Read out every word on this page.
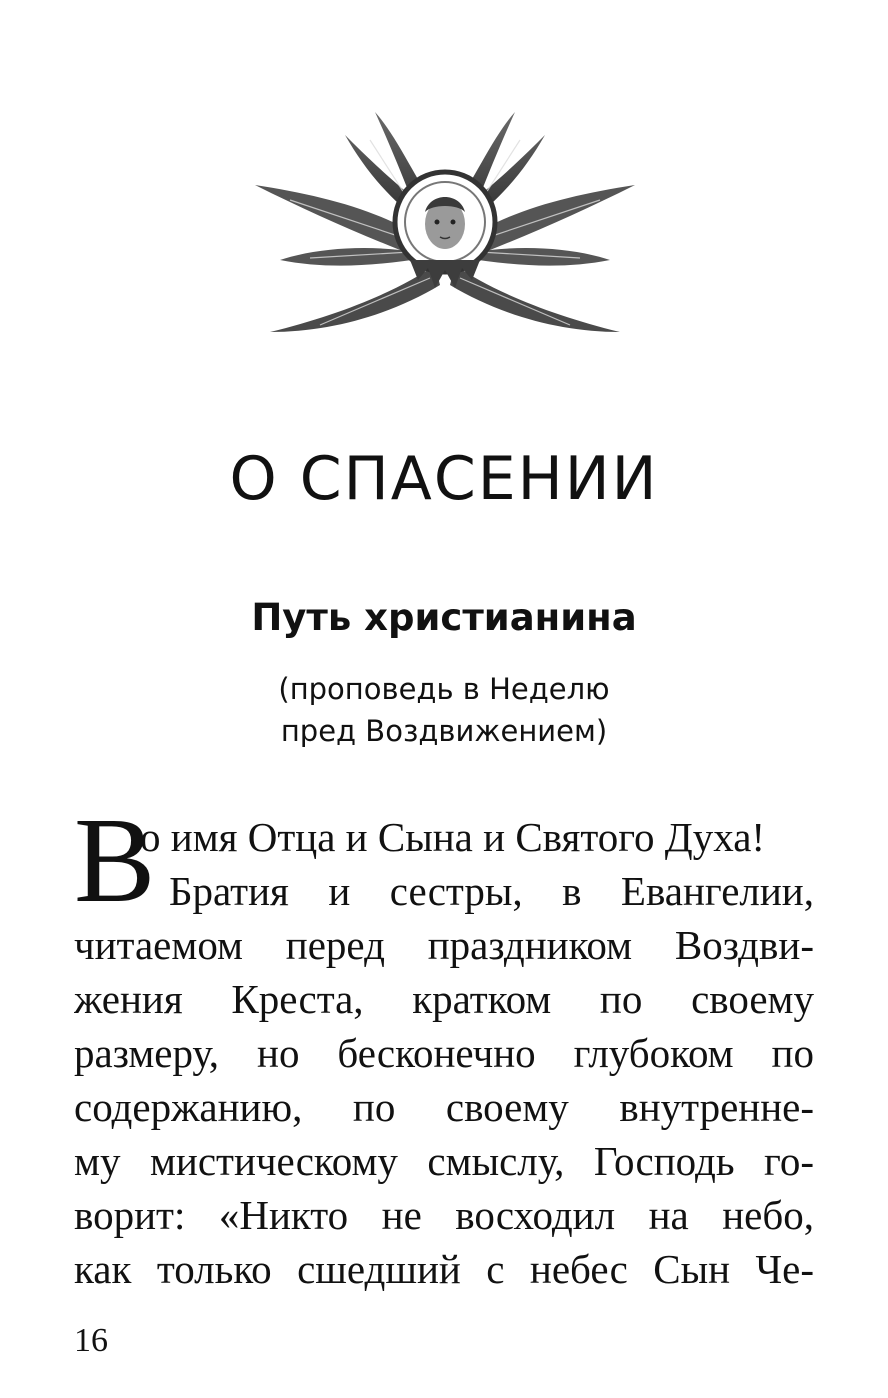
О СПАСЕНИИ
Путь христианина
(проповедь в Неделю
пред Воздвижением)
В
о имя Отца и Сына и Святого Духа!
Братия и сестры, в Евангелии,
читаемом перед праздником Воздви-
жения Креста, кратком по своему
размеру, но бесконечно глубоком по
содержанию, по своему внутренне-
му мистическому смыслу, Господь го-
ворит: «Никто не восходил на небо,
как только сшедший с небес Сын Че-
16
